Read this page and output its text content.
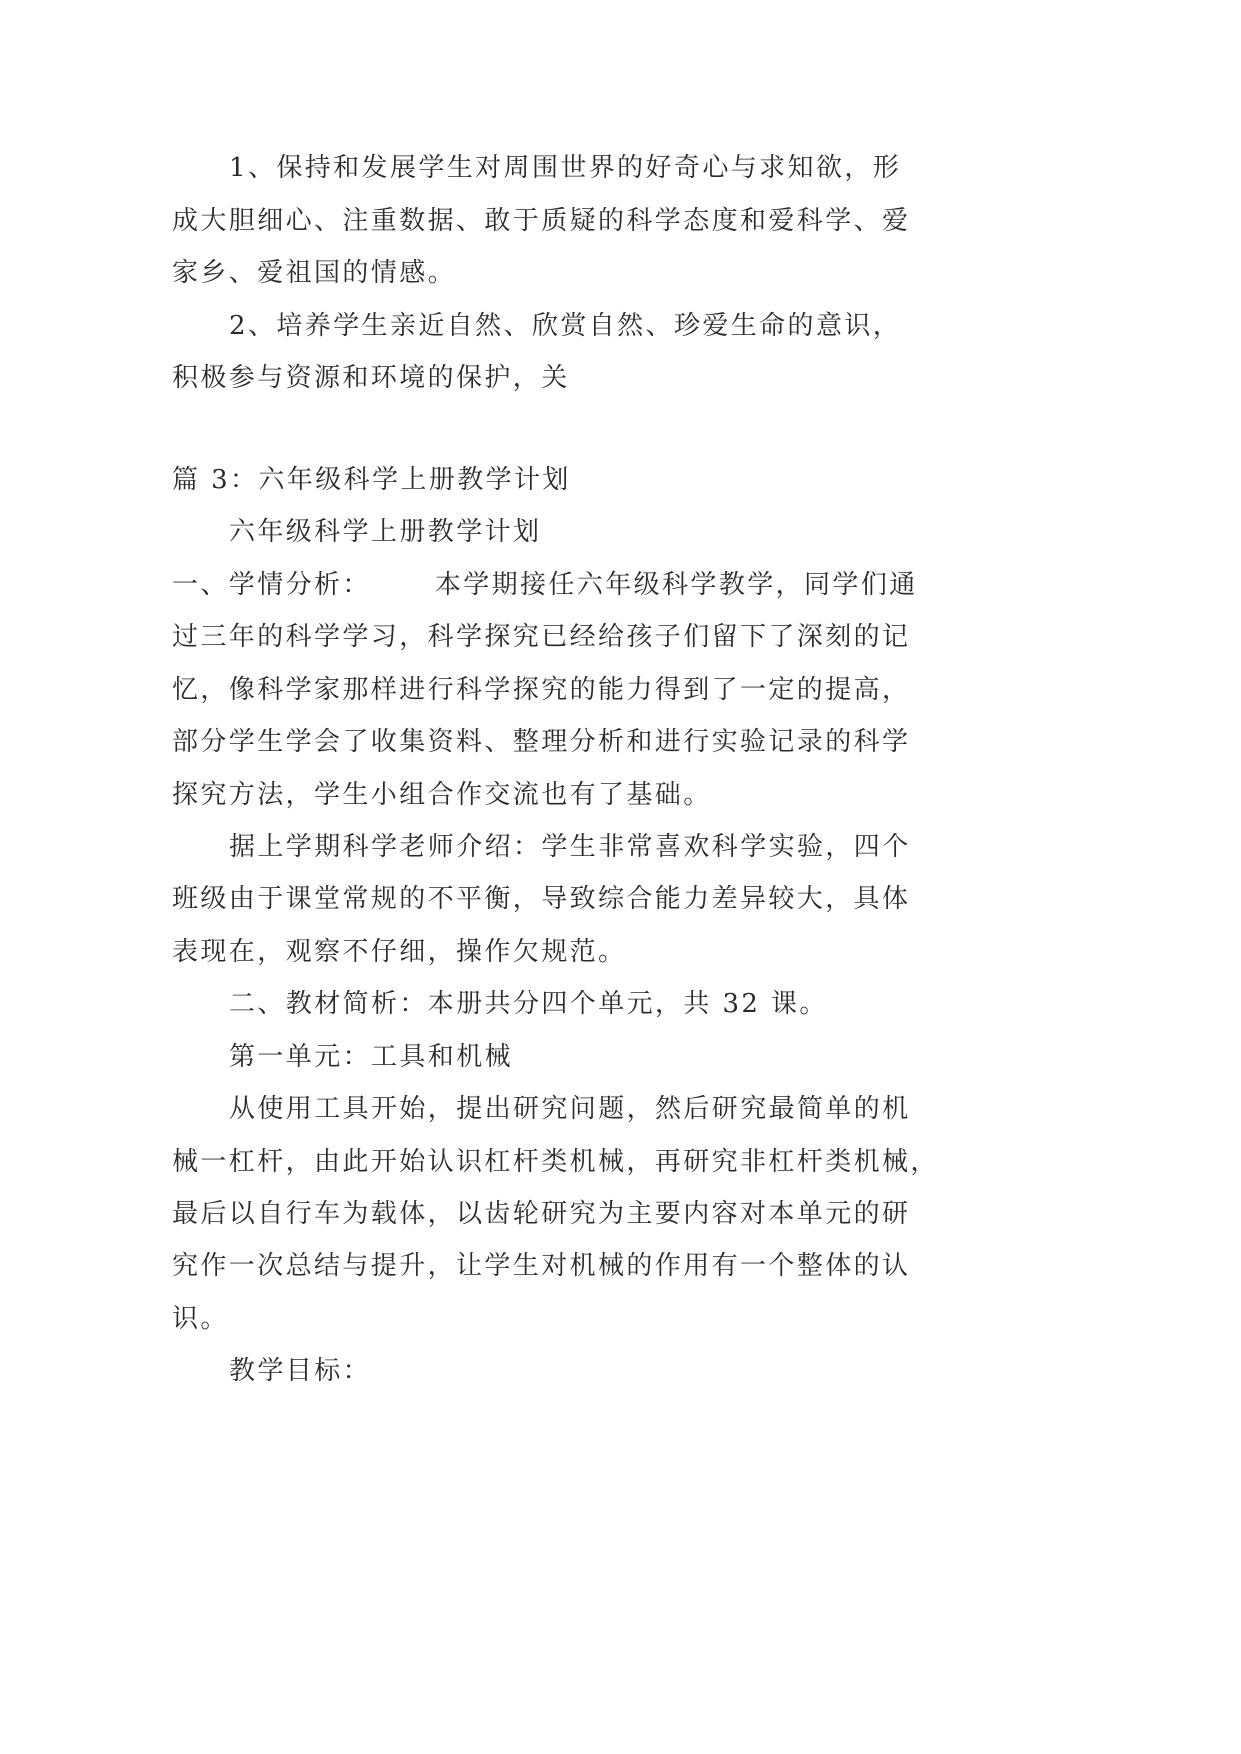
1、保持和发展学生对周围世界的好奇心与求知欲，形
成大胆细心、注重数据、敢于质疑的科学态度和爱科学、爱
家乡、爱祖国的情感。
2、培养学生亲近自然、欣赏自然、珍爱生命的意识，
积极参与资源和环境的保护，关
篇 3：六年级科学上册教学计划
六年级科学上册教学计划
一、学情分析： 本学期接任六年级科学教学，同学们通
过三年的科学学习，科学探究已经给孩子们留下了深刻的记
忆，像科学家那样进行科学探究的能力得到了一定的提高，
部分学生学会了收集资料、整理分析和进行实验记录的科学
探究方法，学生小组合作交流也有了基础。
据上学期科学老师介绍：学生非常喜欢科学实验，四个
班级由于课堂常规的不平衡，导致综合能力差异较大，具体
表现在，观察不仔细，操作欠规范。
二、教材简析：本册共分四个单元，共 32 课。
第一单元：工具和机械
从使用工具开始，提出研究问题，然后研究最简单的机
械一杠杆，由此开始认识杠杆类机械，再研究非杠杆类机械，
最后以自行车为载体，以齿轮研究为主要内容对本单元的研
究作一次总结与提升，让学生对机械的作用有一个整体的认
识。
教学目标：
